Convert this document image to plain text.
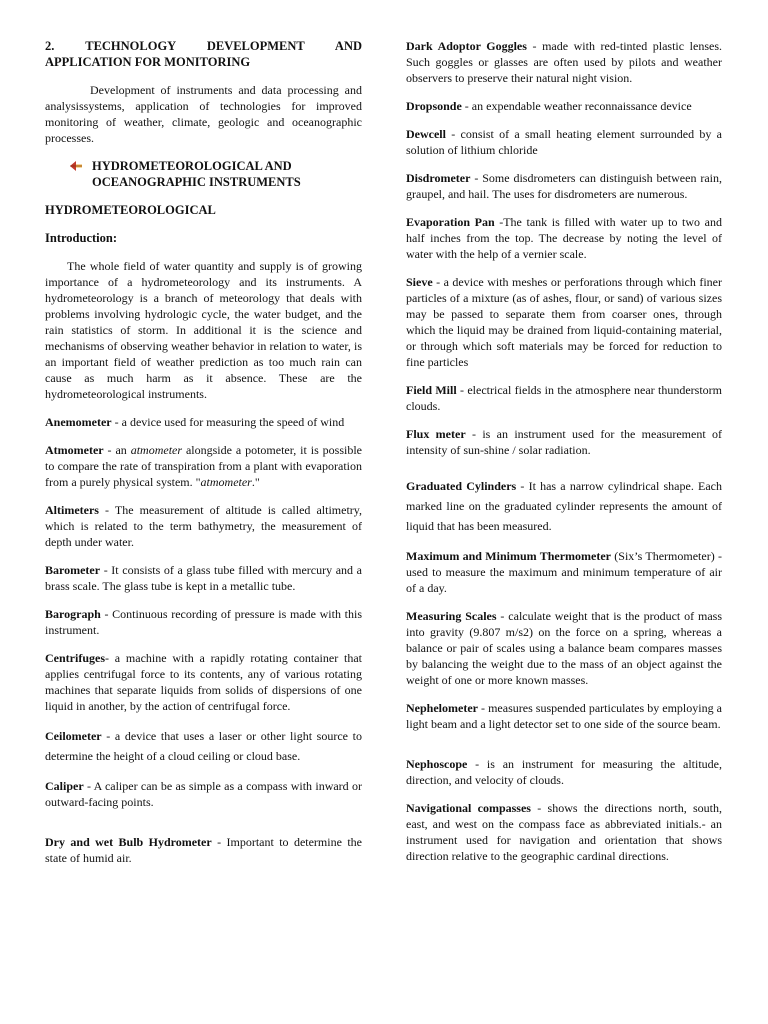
2. TECHNOLOGY DEVELOPMENT AND APPLICATION FOR MONITORING

Development of instruments and data processing and analysissystems, application of technologies for improved monitoring of weather, climate, geologic and oceanographic processes.

HYDROMETEOROLOGICAL AND OCEANOGRAPHIC INSTRUMENTS

HYDROMETEOROLOGICAL

Introduction:

The whole field of water quantity and supply is of growing importance of a hydrometeorology and its instruments. A hydrometeorology is a branch of meteorology that deals with problems involving hydrologic cycle, the water budget, and the rain statistics of storm. In additional it is the science and mechanisms of observing weather behavior in relation to water, is an important field of weather prediction as too much rain can cause as much harm as it absence. These are the hydrometeorological instruments.

Anemometer - a device used for measuring the speed of wind

Atmometer - an atmometer alongside a potometer, it is possible to compare the rate of transpiration from a plant with evaporation from a purely physical system. "atmometer."

Altimeters - The measurement of altitude is called altimetry, which is related to the term bathymetry, the measurement of depth under water.

Barometer - It consists of a glass tube filled with mercury and a brass scale. The glass tube is kept in a metallic tube.

Barograph - Continuous recording of pressure is made with this instrument.

Centrifuges- a machine with a rapidly rotating container that applies centrifugal force to its contents, any of various rotating machines that separate liquids from solids of dispersions of one liquid in another, by the action of centrifugal force.

Ceilometer - a device that uses a laser or other light source to determine the height of a cloud ceiling or cloud base.

Caliper - A caliper can be as simple as a compass with inward or outward-facing points.

Dry and wet Bulb Hydrometer - Important to determine the state of humid air.

Dark Adoptor Goggles - made with red-tinted plastic lenses. Such goggles or glasses are often used by pilots and weather observers to preserve their natural night vision.

Dropsonde - an expendable weather reconnaissance device

Dewcell - consist of a small heating element surrounded by a solution of lithium chloride

Disdrometer - Some disdrometers can distinguish between rain, graupel, and hail. The uses for disdrometers are numerous.

Evaporation Pan -The tank is filled with water up to two and half inches from the top. The decrease by noting the level of water with the help of a vernier scale.

Sieve - a device with meshes or perforations through which finer particles of a mixture (as of ashes, flour, or sand) of various sizes may be passed to separate them from coarser ones, through which the liquid may be drained from liquid-containing material, or through which soft materials may be forced for reduction to fine particles

Field Mill - electrical fields in the atmosphere near thunderstorm clouds.

Flux meter - is an instrument used for the measurement of intensity of sun-shine / solar radiation.

Graduated Cylinders - It has a narrow cylindrical shape. Each marked line on the graduated cylinder represents the amount of liquid that has been measured.

Maximum and Minimum Thermometer (Six’s Thermometer) - used to measure the maximum and minimum temperature of air of a day.

Measuring Scales - calculate weight that is the product of mass into gravity (9.807 m/s2) on the force on a spring, whereas a balance or pair of scales using a balance beam compares masses by balancing the weight due to the mass of an object against the weight of one or more known masses.

Nephelometer - measures suspended particulates by employing a light beam and a light detector set to one side of the source beam.

Nephoscope - is an instrument for measuring the altitude, direction, and velocity of clouds.

Navigational compasses - shows the directions north, south, east, and west on the compass face as abbreviated initials.- an instrument used for navigation and orientation that shows direction relative to the geographic cardinal directions.
